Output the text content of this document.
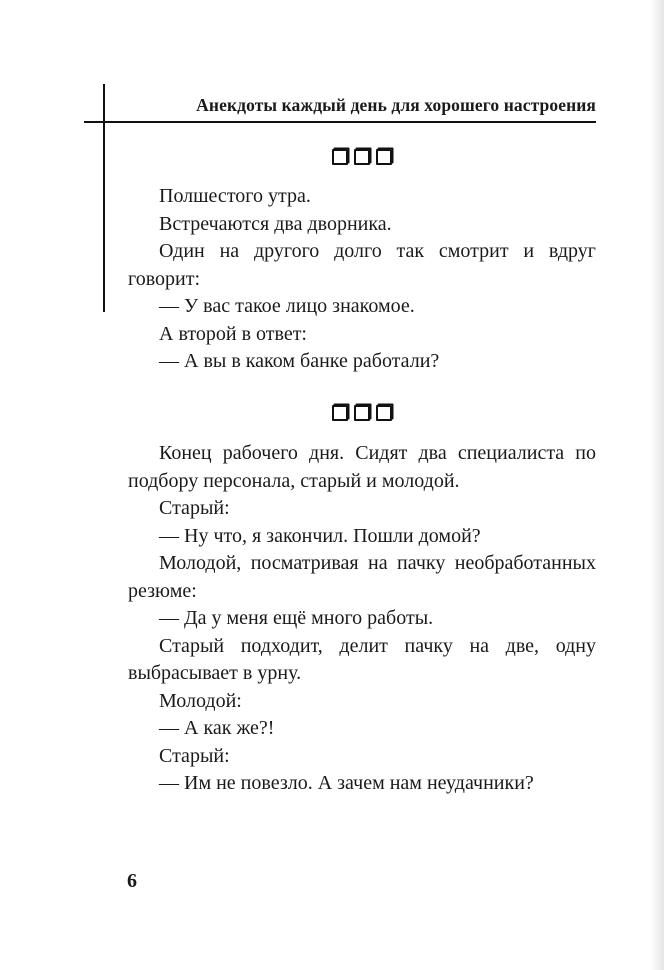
Анекдоты каждый день для хорошего настроения

Полшестого утра.

Встречаются два дворника.

Один на другого долго так смотрит и вдруг говорит:

— У вас такое лицо знакомое.

А второй в ответ:

— А вы в каком банке работали?

Конец рабочего дня. Сидят два специалиста по подбору персонала, старый и молодой.

Старый:

— Ну что, я закончил. Пошли домой?

Молодой, посматривая на пачку необработанных резюме:

— Да у меня ещё много работы.

Старый подходит, делит пачку на две, одну выбрасывает в урну.

Молодой:

— А как же?!

Старый:

— Им не повезло. А зачем нам неудачники?

6
